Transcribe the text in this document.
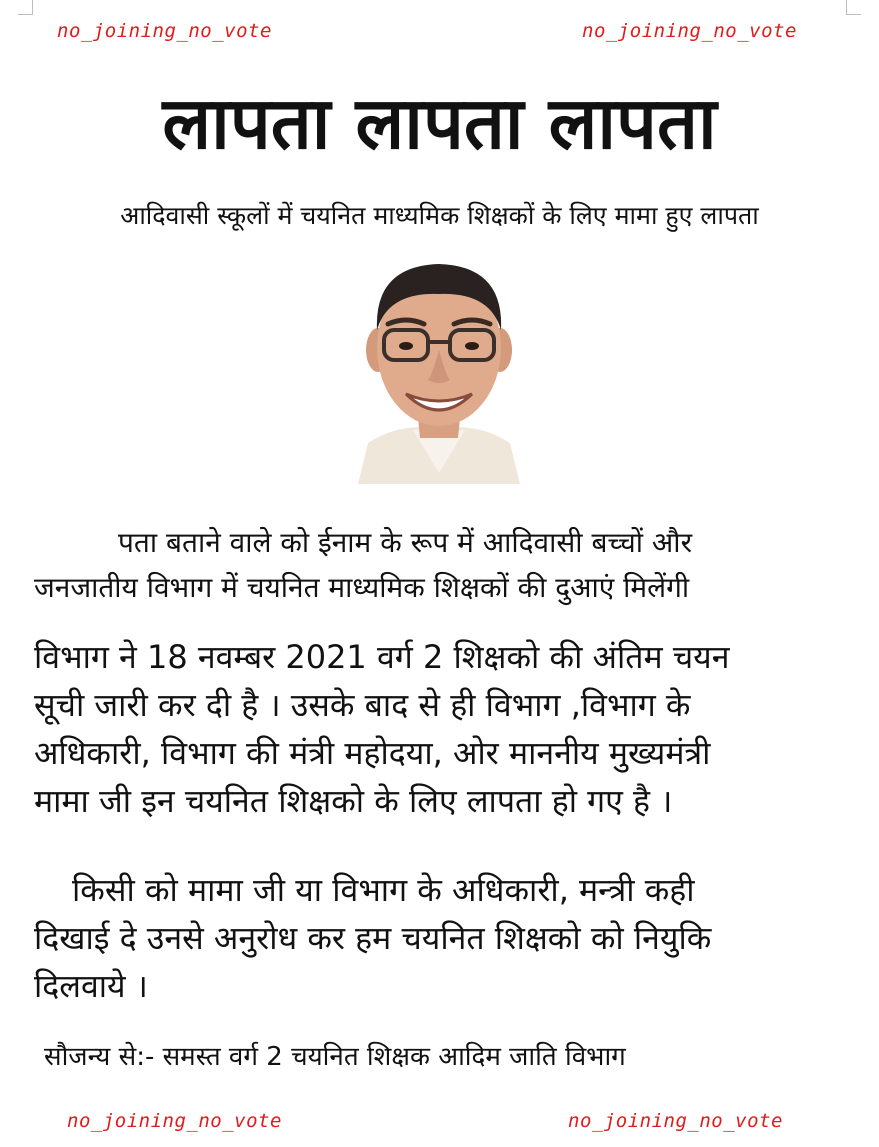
no_joining_no_vote	no_joining_no_vote
लापता लापता लापता
आदिवासी स्कूलों में चयनित माध्यमिक शिक्षकों के लिए मामा हुए लापता
पता बताने वाले को ईनाम के रूप में आदिवासी बच्चों और
जनजातीय विभाग में चयनित माध्यमिक शिक्षकों की दुआएं मिलेंगी
विभाग ने 18 नवम्बर 2021 वर्ग 2 शिक्षको की अंतिम चयन
सूची जारी कर दी है । उसके बाद से ही विभाग ,विभाग के
अधिकारी, विभाग की मंत्री महोदया, ओर माननीय मुख्यमंत्री
मामा जी इन चयनित शिक्षको के लिए लापता हो गए है ।
किसी को मामा जी या विभाग के अधिकारी, मन्त्री कही
दिखाई दे उनसे अनुरोध कर हम चयनित शिक्षको को नियुकि
दिलवाये ।
सौजन्य से:- समस्त वर्ग 2 चयनित शिक्षक आदिम जाति विभाग
no_joining_no_vote	no_joining_no_vote
